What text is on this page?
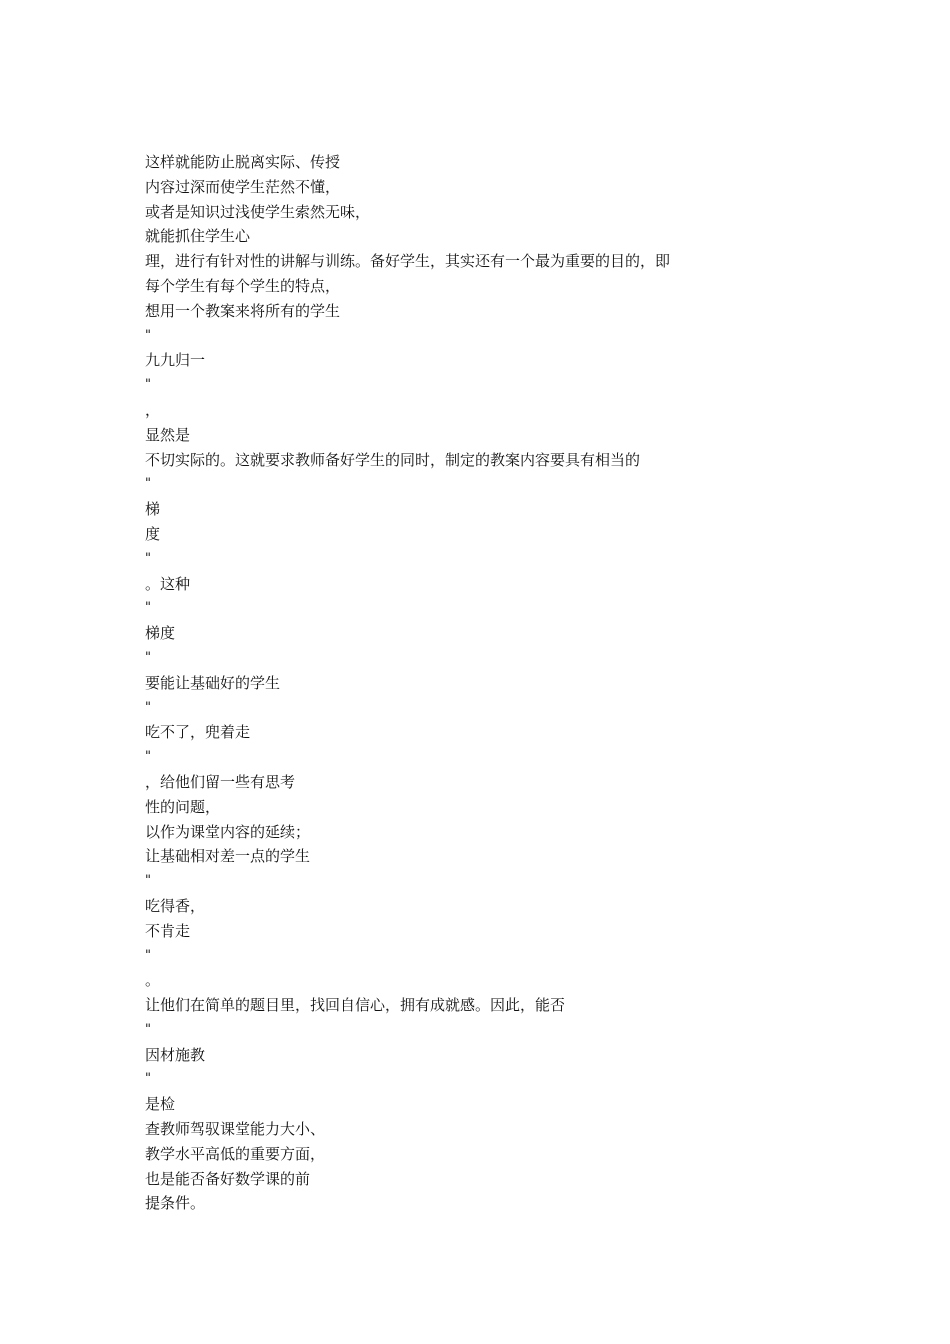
这样就能防止脱离实际、传授
内容过深而使学生茫然不懂，
或者是知识过浅使学生索然无味，
就能抓住学生心
理，进行有针对性的讲解与训练。备好学生，其实还有一个最为重要的目的，即
每个学生有每个学生的特点，
想用一个教案来将所有的学生
"
九九归一
"
，
显然是
不切实际的。这就要求教师备好学生的同时，制定的教案内容要具有相当的
"
梯
度
"
。这种
"
梯度
"
要能让基础好的学生
"
吃不了，兜着走
"
，给他们留一些有思考
性的问题，
以作为课堂内容的延续；
让基础相对差一点的学生
"
吃得香，
不肯走
"
。
让他们在简单的题目里，找回自信心，拥有成就感。因此，能否
"
因材施教
"
是检
查教师驾驭课堂能力大小、
教学水平高低的重要方面，
也是能否备好数学课的前
提条件。
